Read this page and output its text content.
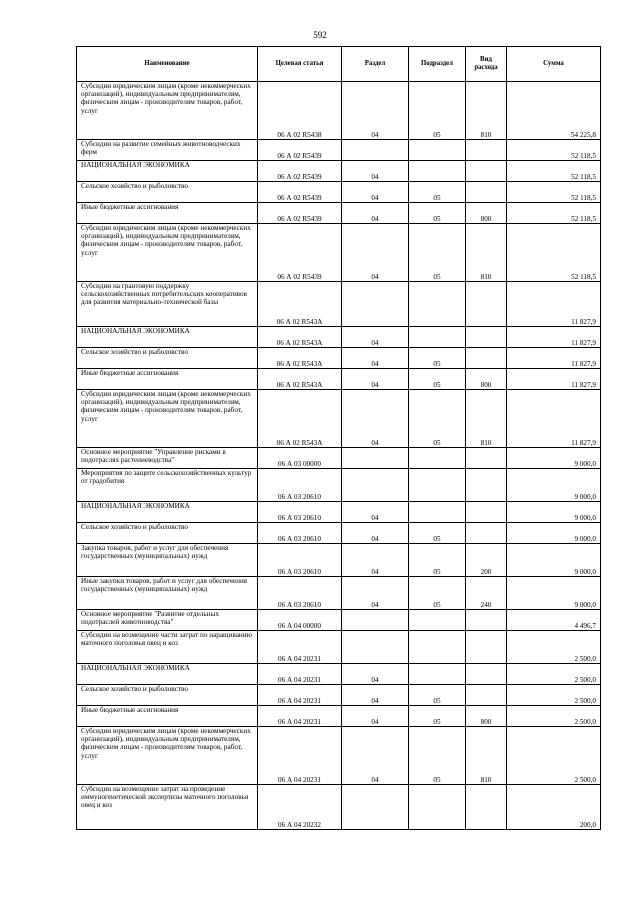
592
Наименование	Целевая статья	Раздел	Подраздел	Вид расхода	Сумма
Субсидии юридическим лицам (кроме некоммерческих организаций), индивидуальным предпринимателям, физическим лицам - производителям товаров, работ, услуг	06 А 02 R5438	04	05	810	54 225,8
Субсидии на развитие семейных животноводческих ферм	06 А 02 R5439				52 118,5
НАЦИОНАЛЬНАЯ ЭКОНОМИКА	06 А 02 R5439	04			52 118,5
Сельское хозяйство и рыболовство	06 А 02 R5439	04	05		52 118,5
Иные бюджетные ассигнования	06 А 02 R5439	04	05	800	52 118,5
Субсидии юридическим лицам (кроме некоммерческих организаций), индивидуальным предпринимателям, физическим лицам - производителям товаров, работ, услуг	06 А 02 R5439	04	05	810	52 118,5
Субсидии на грантовую поддержку сельскохозяйственных потребительских кооперативов для развития материально-технической базы	06 А 02 R543А				11 827,9
НАЦИОНАЛЬНАЯ ЭКОНОМИКА	06 А 02 R543А	04			11 827,9
Сельское хозяйство и рыболовство	06 А 02 R543А	04	05		11 827,9
Иные бюджетные ассигнования	06 А 02 R543А	04	05	800	11 827,9
Субсидии юридическим лицам (кроме некоммерческих организаций), индивидуальным предпринимателям, физическим лицам - производителям товаров, работ, услуг	06 А 02 R543А	04	05	810	11 827,9
Основное мероприятие "Управление рисками в подотраслях растениеводства"	06 А 03 00000				9 000,0
Мероприятия по защите сельскохозяйственных культур от градобития	06 А 03 20610				9 000,0
НАЦИОНАЛЬНАЯ ЭКОНОМИКА	06 А 03 20610	04			9 000,0
Сельское хозяйство и рыболовство	06 А 03 20610	04	05		9 000,0
Закупка товаров, работ и услуг для обеспечения государственных (муниципальных) нужд	06 А 03 20610	04	05	200	9 000,0
Иные закупки товаров, работ и услуг для обеспечения государственных (муниципальных) нужд	06 А 03 20610	04	05	240	9 000,0
Основное мероприятие "Развитие отдельных подотраслей животноводства"	06 А 04 00000				4 496,7
Субсидии на возмещение части затрат по наращиванию маточного поголовья овец и коз	06 А 04 20231				2 500,0
НАЦИОНАЛЬНАЯ ЭКОНОМИКА	06 А 04 20231	04			2 500,0
Сельское хозяйство и рыболовство	06 А 04 20231	04	05		2 500,0
Иные бюджетные ассигнования	06 А 04 20231	04	05	800	2 500,0
Субсидии юридическим лицам (кроме некоммерческих организаций), индивидуальным предпринимателям, физическим лицам - производителям товаров, работ, услуг	06 А 04 20231	04	05	810	2 500,0
Субсидии на возмещение затрат на проведение иммуногенетической экспертизы маточного поголовья овец и коз	06 А 04 20232				200,0
